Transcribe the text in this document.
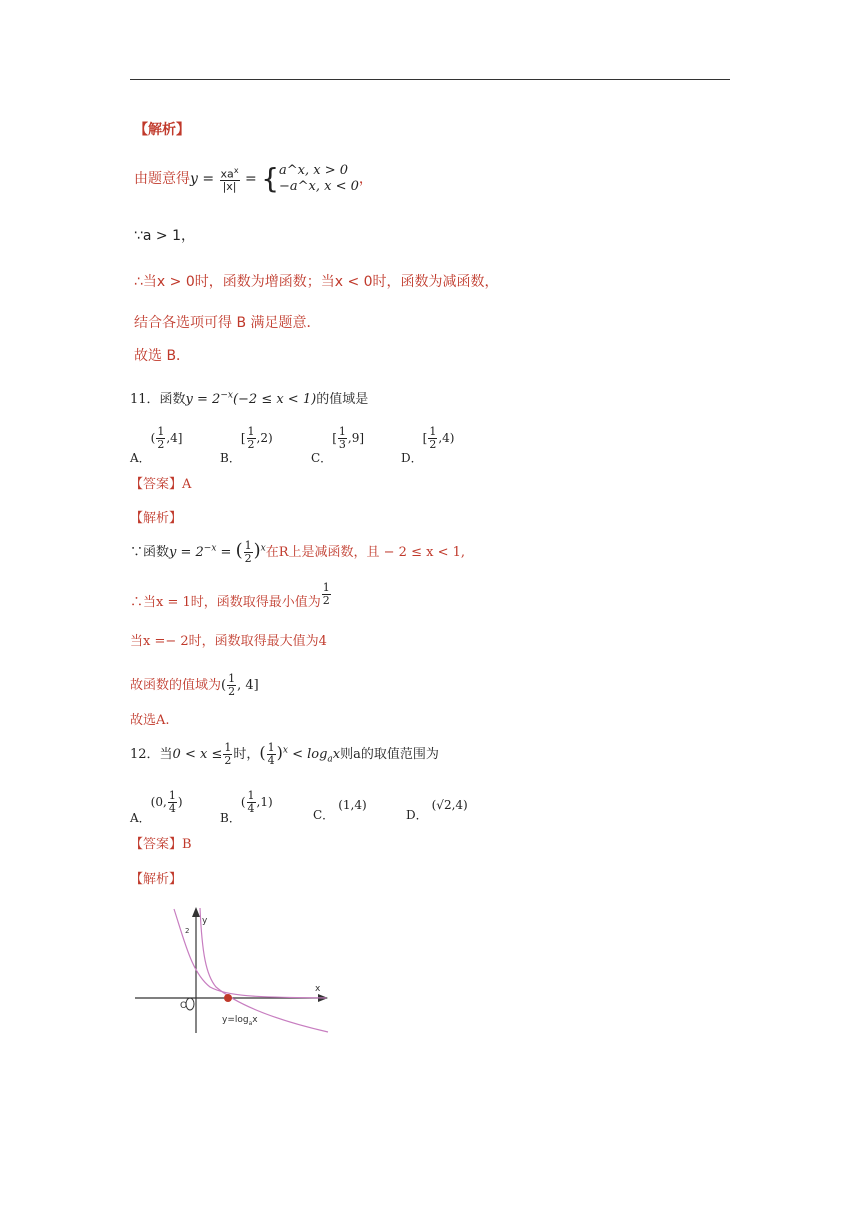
【解析】
由题意得$y = \frac{xa^x}{|x|}$ = { a^x, x > 0
−a^x, x < 0 ，
∵a > 1，
∴当x > 0时，函数为增函数；当x < 0时，函数为减函数，
结合各选项可得 B 满足题意．
故选 B．
11．函数$y = 2^{-x}(-2 \le x < 1)$的值域是
A．( $\frac{1}{2} ,4$]
B．[ $\frac{1}{2} ,2$)
C．[ $\frac{1}{3} ,9$]
D．[ $\frac{1}{2} ,4$)
【答案】A
【解析】
∵函数$y = 2^{-x}$ = ( $\frac{1}{2} )^x$在R上是减函数，且 − 2 ≤ x < 1,
∴当x = 1时，函数取得最小值为 $\frac{1}{2}$
当x =− 2时，函数取得最大值为4
故函数的值域为( $\frac{1}{2}$ , 4]
故选A.
12．当$0 < x \le \frac{1}{2}$ 时，( $\frac{1}{4} )^x < \log_ax$则a的取值范围为
A．(0, $\frac{1}{4}$ )
B．( $\frac{1}{4} ,1$)
C．(1,4)
D．(√2,4)
【答案】B
【解析】
y
x
2
O
$y=\log_ax$
